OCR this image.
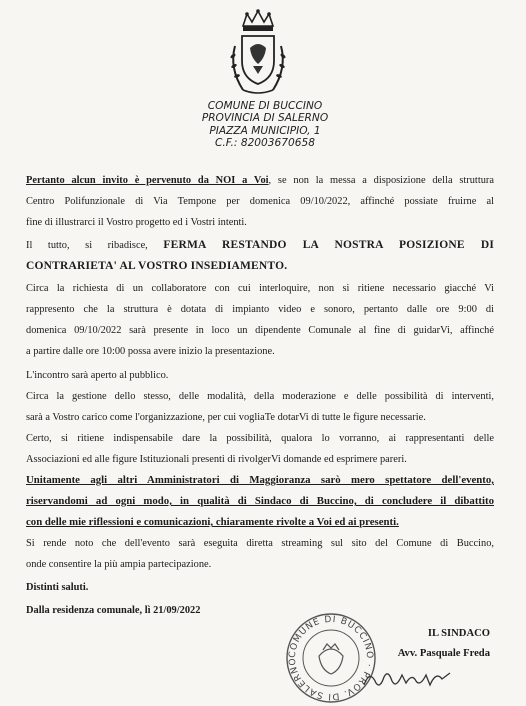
COMUNE DI BUCCINO
PROVINCIA DI SALERNO
PIAZZA MUNICIPIO, 1
C.F.: 82003670658

Pertanto alcun invito è pervenuto da NOI a Voi, se non la messa a disposizione della struttura
Centro Polifunzionale di Via Tempone per domenica 09/10/2022, affinché possiate fruirne al
fine di illustrarci il Vostro progetto ed i Vostri intenti.

Il tutto, si ribadisce, FERMA RESTANDO LA NOSTRA POSIZIONE DI
CONTRARIETA' AL VOSTRO INSEDIAMENTO.

Circa la richiesta di un collaboratore con cui interloquire, non si ritiene necessario giacché Vi
rappresento che la struttura è dotata di impianto video e sonoro, pertanto dalle ore 9:00 di
domenica 09/10/2022 sarà presente in loco un dipendente Comunale al fine di guidarVi, affinché
a partire dalle ore 10:00 possa avere inizio la presentazione.

L'incontro sarà aperto al pubblico.

Circa la gestione dello stesso, delle modalità, della moderazione e delle possibilità di interventi,
sarà a Vostro carico come l'organizzazione, per cui vogliaTe dotarVi di tutte le figure necessarie.

Certo, si ritiene indispensabile dare la possibilità, qualora lo vorranno, ai rappresentanti delle
Associazioni ed alle figure Istituzionali presenti di rivolgerVi domande ed esprimere pareri.

Unitamente agli altri Amministratori di Maggioranza sarò mero spettatore dell'evento,
riservandomi ad ogni modo, in qualità di Sindaco di Buccino, di concludere il dibattito
con delle mie riflessioni e comunicazioni, chiaramente rivolte a Voi ed ai presenti.

Si rende noto che dell'evento sarà eseguita diretta streaming sul sito del Comune di Buccino,
onde consentire la più ampia partecipazione.

Distinti saluti.

Dalla residenza comunale, lì 21/09/2022

COMUNE DI BUCCINO · PROV. DI SALERNO
IL SINDACO
Avv. Pasquale Freda
